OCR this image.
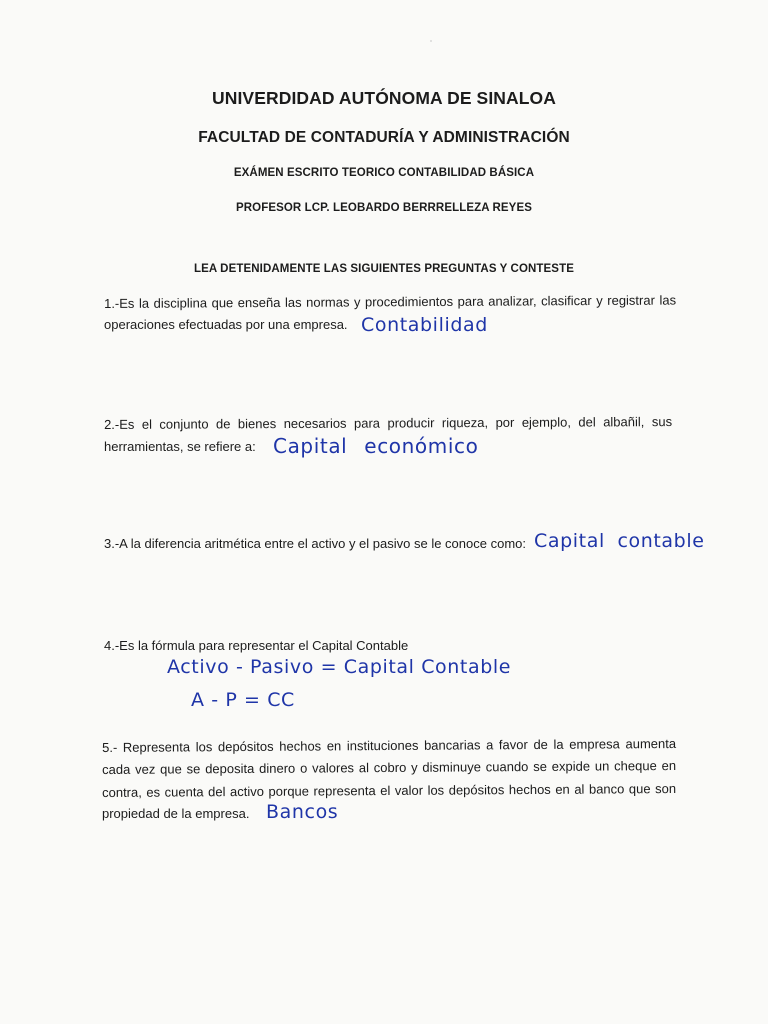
UNIVERDIDAD AUTÓNOMA DE SINALOA
FACULTAD DE CONTADURÍA Y ADMINISTRACIÓN
EXÁMEN ESCRITO TEORICO CONTABILIDAD BÁSICA
PROFESOR LCP. LEOBARDO BERRRELLEZA REYES
LEA DETENIDAMENTE LAS SIGUIENTES PREGUNTAS Y CONTESTE
1.-Es la disciplina que enseña las normas y procedimientos para analizar, clasificar y registrar las
operaciones efectuadas por una empresa. Contabilidad
2.-Es el conjunto de bienes necesarios para producir riqueza, por ejemplo, del albañil, sus
herramientas, se refiere a: Capital económico
3.-A la diferencia aritmética entre el activo y el pasivo se le conoce como: Capital contable
4.-Es la fórmula para representar el Capital Contable
Activo - Pasivo = Capital Contable
A - P = CC
5.- Representa los depósitos hechos en instituciones bancarias a favor de la empresa aumenta
cada vez que se deposita dinero o valores al cobro y disminuye cuando se expide un cheque en
contra, es cuenta del activo porque representa el valor los depósitos hechos en al banco que son
propiedad de la empresa. Bancos
